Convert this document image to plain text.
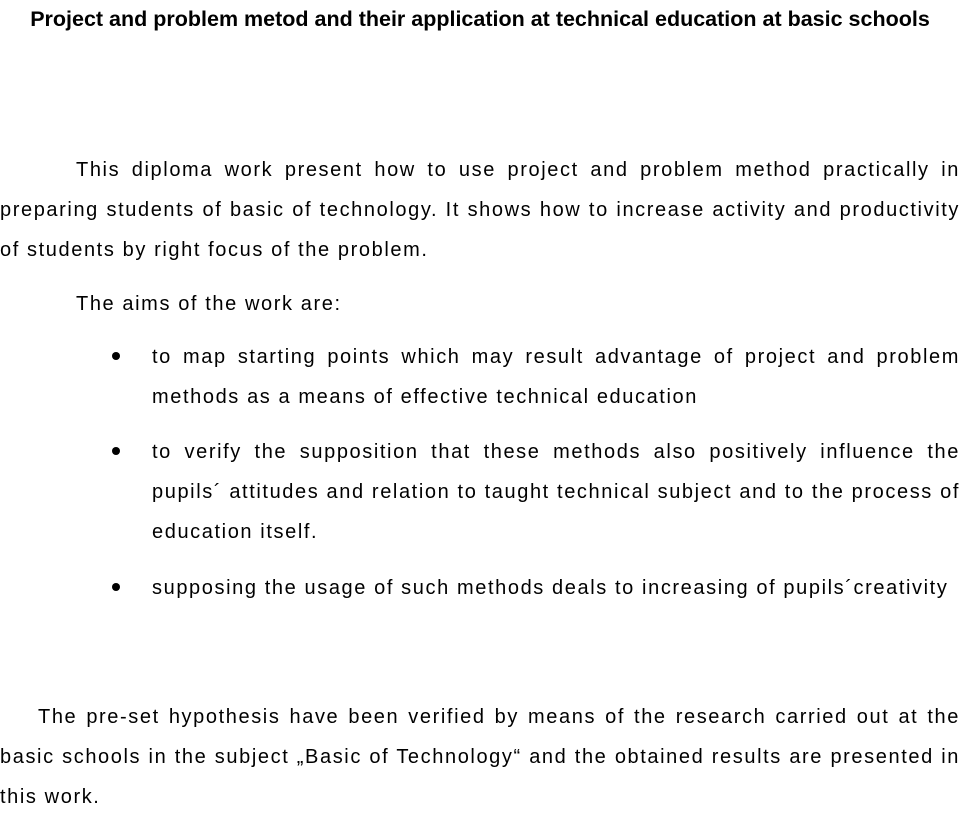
Project and problem metod and their application at technical education at basic schools

This diploma work present how to use project and problem method practically in preparing students of basic of technology. It shows how to increase activity and productivity of students by right focus of the problem.

The aims of the work are:

to map starting points which may result advantage of project and problem methods as a means of effective technical education
to verify the supposition that these methods also positively influence the pupils´ attitudes and relation to taught technical subject and to the process of education itself.
supposing the usage of such methods deals to increasing of pupils´creativity

The pre-set hypothesis have been verified by means of the research carried out at the basic schools in the subject „Basic of Technology“ and the obtained results are presented in this work.
